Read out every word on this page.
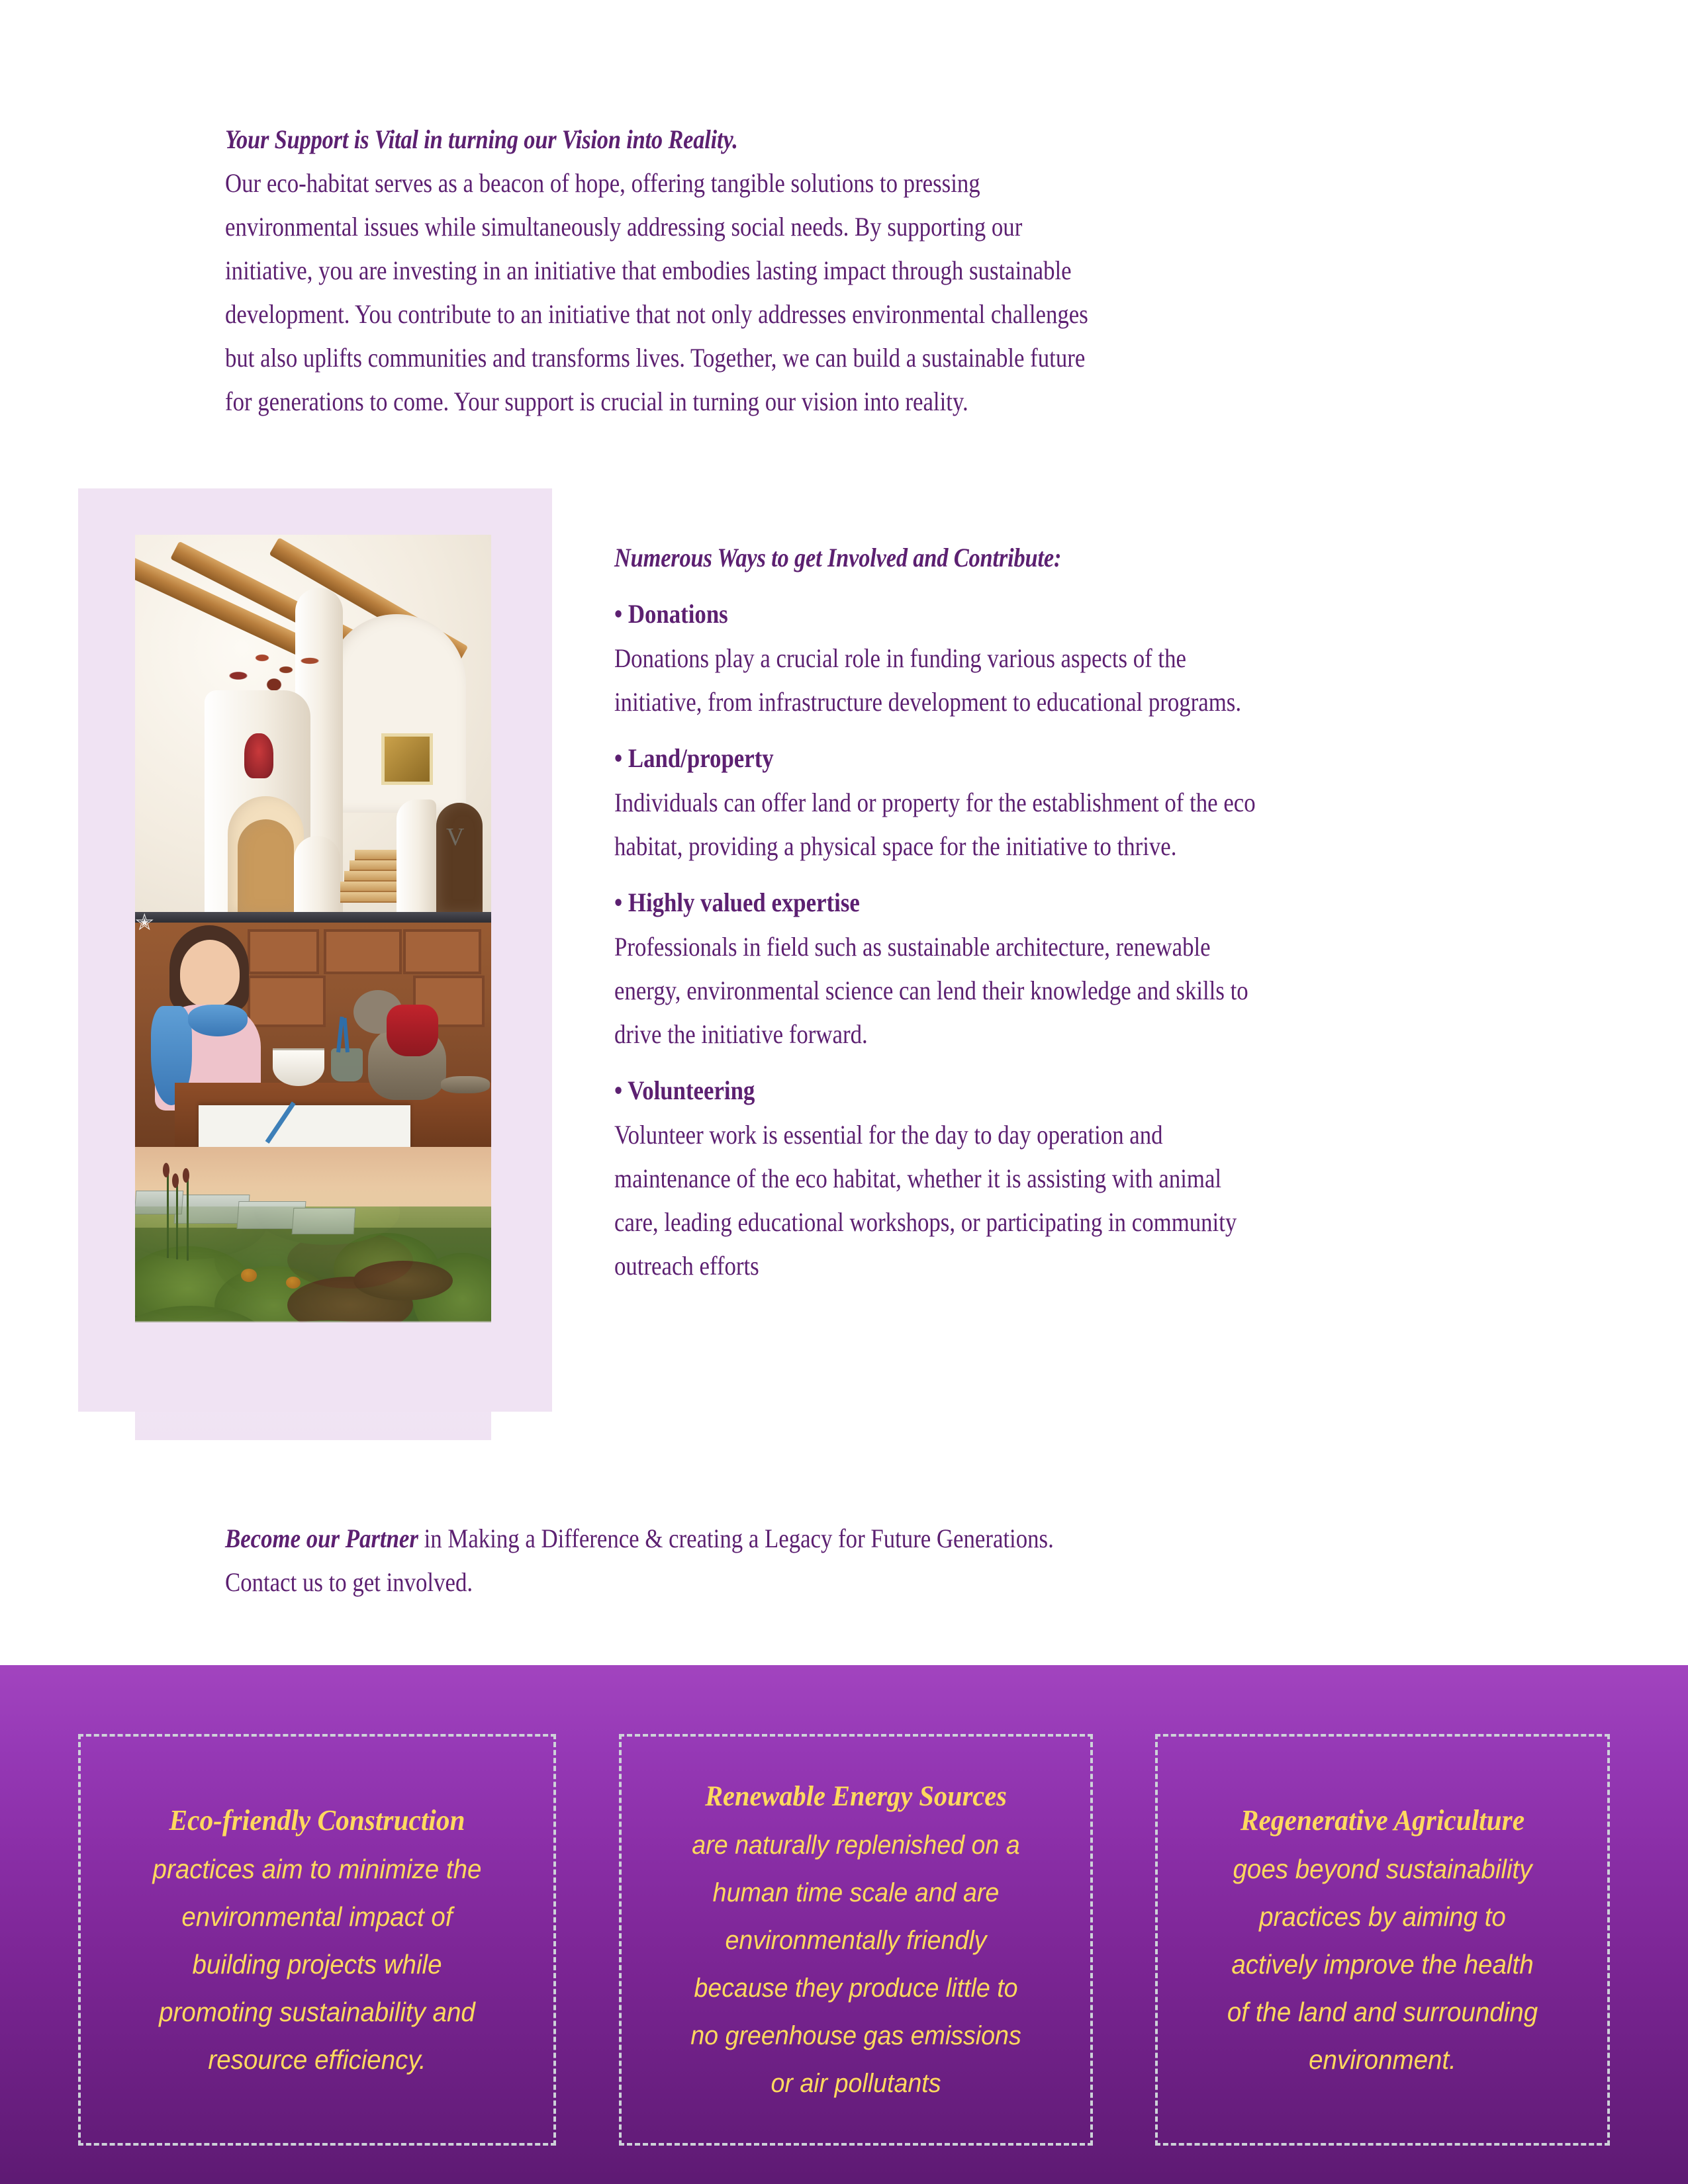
Your Support is Vital in turning our Vision into Reality.
Our eco-habitat serves as a beacon of hope, offering tangible solutions to pressing
environmental issues while simultaneously addressing social needs. By supporting our
initiative, you are investing in an initiative that embodies lasting impact through sustainable
development. You contribute to an initiative that not only addresses environmental challenges
but also uplifts communities and transforms lives. Together, we can build a sustainable future
for generations to come. Your support is crucial in turning our vision into reality.
V
✭
Numerous Ways to get Involved and Contribute:
• Donations
Donations play a crucial role in funding various aspects of the
initiative, from infrastructure development to educational programs.
• Land/property
Individuals can offer land or property for the establishment of the eco
habitat, providing a physical space for the initiative to thrive.
• Highly valued expertise
Professionals in field such as sustainable architecture, renewable
energy, environmental science can lend their knowledge and skills to
drive the initiative forward.
• Volunteering
Volunteer work is essential for the day to day operation and
maintenance of the eco habitat, whether it is assisting with animal
care, leading educational workshops, or participating in community
outreach efforts
Become our Partner in Making a Difference & creating a Legacy for Future Generations.
Contact us to get involved.
Eco-friendly Construction
practices aim to minimize the
environmental impact of
building projects while
promoting sustainability and
resource efficiency.
Renewable Energy Sources
are naturally replenished on a
human time scale and are
environmentally friendly
because they produce little to
no greenhouse gas emissions
or air pollutants
Regenerative Agriculture
goes beyond sustainability
practices by aiming to
actively improve the health
of the land and surrounding
environment.
